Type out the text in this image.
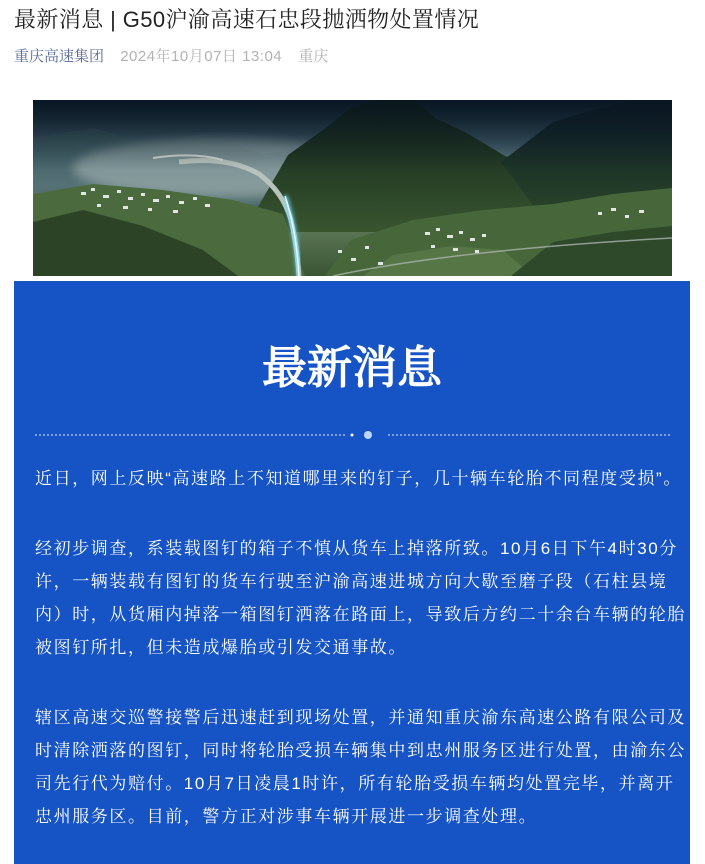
最新消息 | G50沪渝高速石忠段抛洒物处置情况
重庆高速集团 2024年10月07日 13:04 重庆
最新消息

近日，网上反映“高速路上不知道哪里来的钉子，几十辆车轮胎不同程度受损”。

经初步调查，系装载图钉的箱子不慎从货车上掉落所致。10月6日下午4时30分许，一辆装载有图钉的货车行驶至沪渝高速进城方向大歇至磨子段（石柱县境内）时，从货厢内掉落一箱图钉洒落在路面上，导致后方约二十余台车辆的轮胎被图钉所扎，但未造成爆胎或引发交通事故。

辖区高速交巡警接警后迅速赶到现场处置，并通知重庆渝东高速公路有限公司及时清除洒落的图钉，同时将轮胎受损车辆集中到忠州服务区进行处置，由渝东公司先行代为赔付。10月7日凌晨1时许，所有轮胎受损车辆均处置完毕，并离开忠州服务区。目前，警方正对涉事车辆开展进一步调查处理。
